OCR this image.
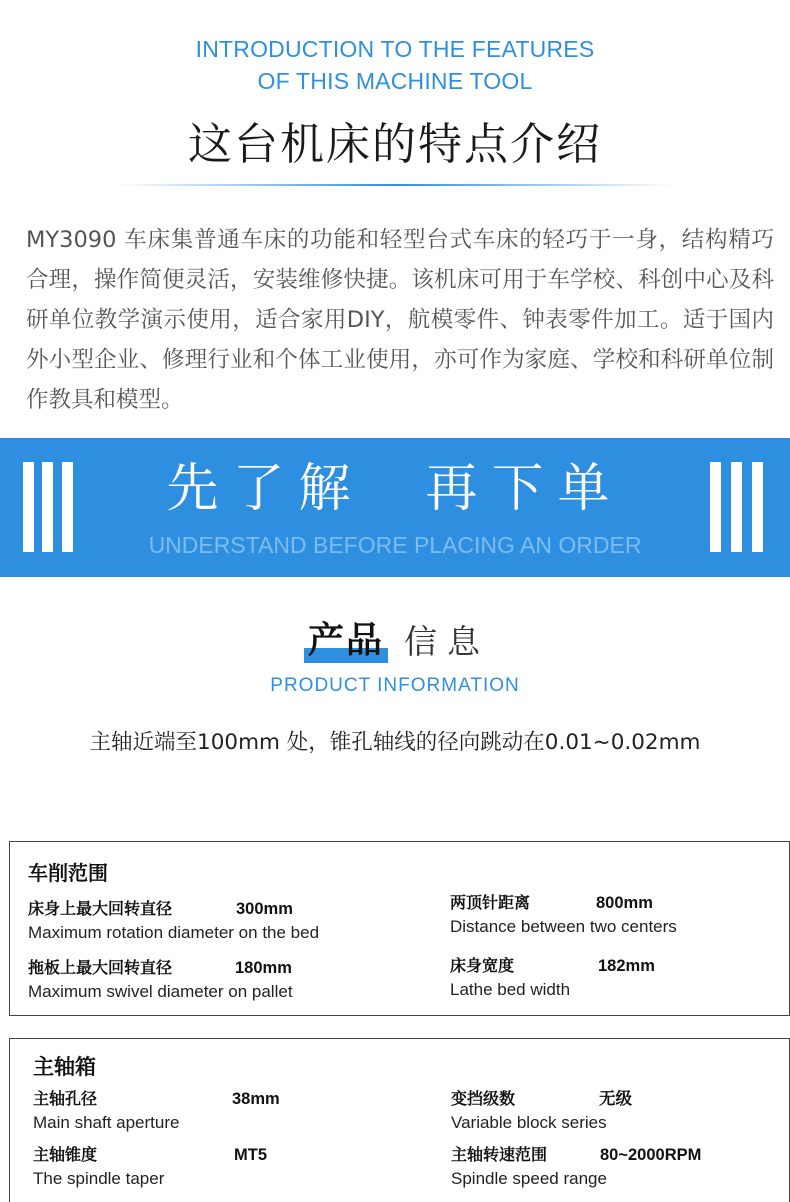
INTRODUCTION TO THE FEATURES
OF THIS MACHINE TOOL
这台机床的特点介绍

MY3090 车床集普通车床的功能和轻型台式车床的轻巧于一身，结构精巧合理，操作简便灵活，安装维修快捷。该机床可用于车学校、科创中心及科研单位教学演示使用，适合家用DIY，航模零件、钟表零件加工。适于国内外小型企业、修理行业和个体工业使用，亦可作为家庭、学校和科研单位制作教具和模型。

先了解  再下单
UNDERSTAND BEFORE PLACING AN ORDER
产品 信息
PRODUCT INFORMATION
主轴近端至100mm 处，锥孔轴线的径向跳动在0.01~0.02mm
车削范围
床身上最大回转直径	300mm
Maximum rotation diameter on the bed
两顶针距离	800mm
Distance between two centers
拖板上最大回转直径	180mm
Maximum swivel diameter on pallet
床身宽度	182mm
Lathe bed width
主轴箱
主轴孔径	38mm
Main shaft aperture
变挡级数	无级
Variable block series
主轴锥度	MT5
The spindle taper
主轴转速范围	80~2000RPM
Spindle speed range
